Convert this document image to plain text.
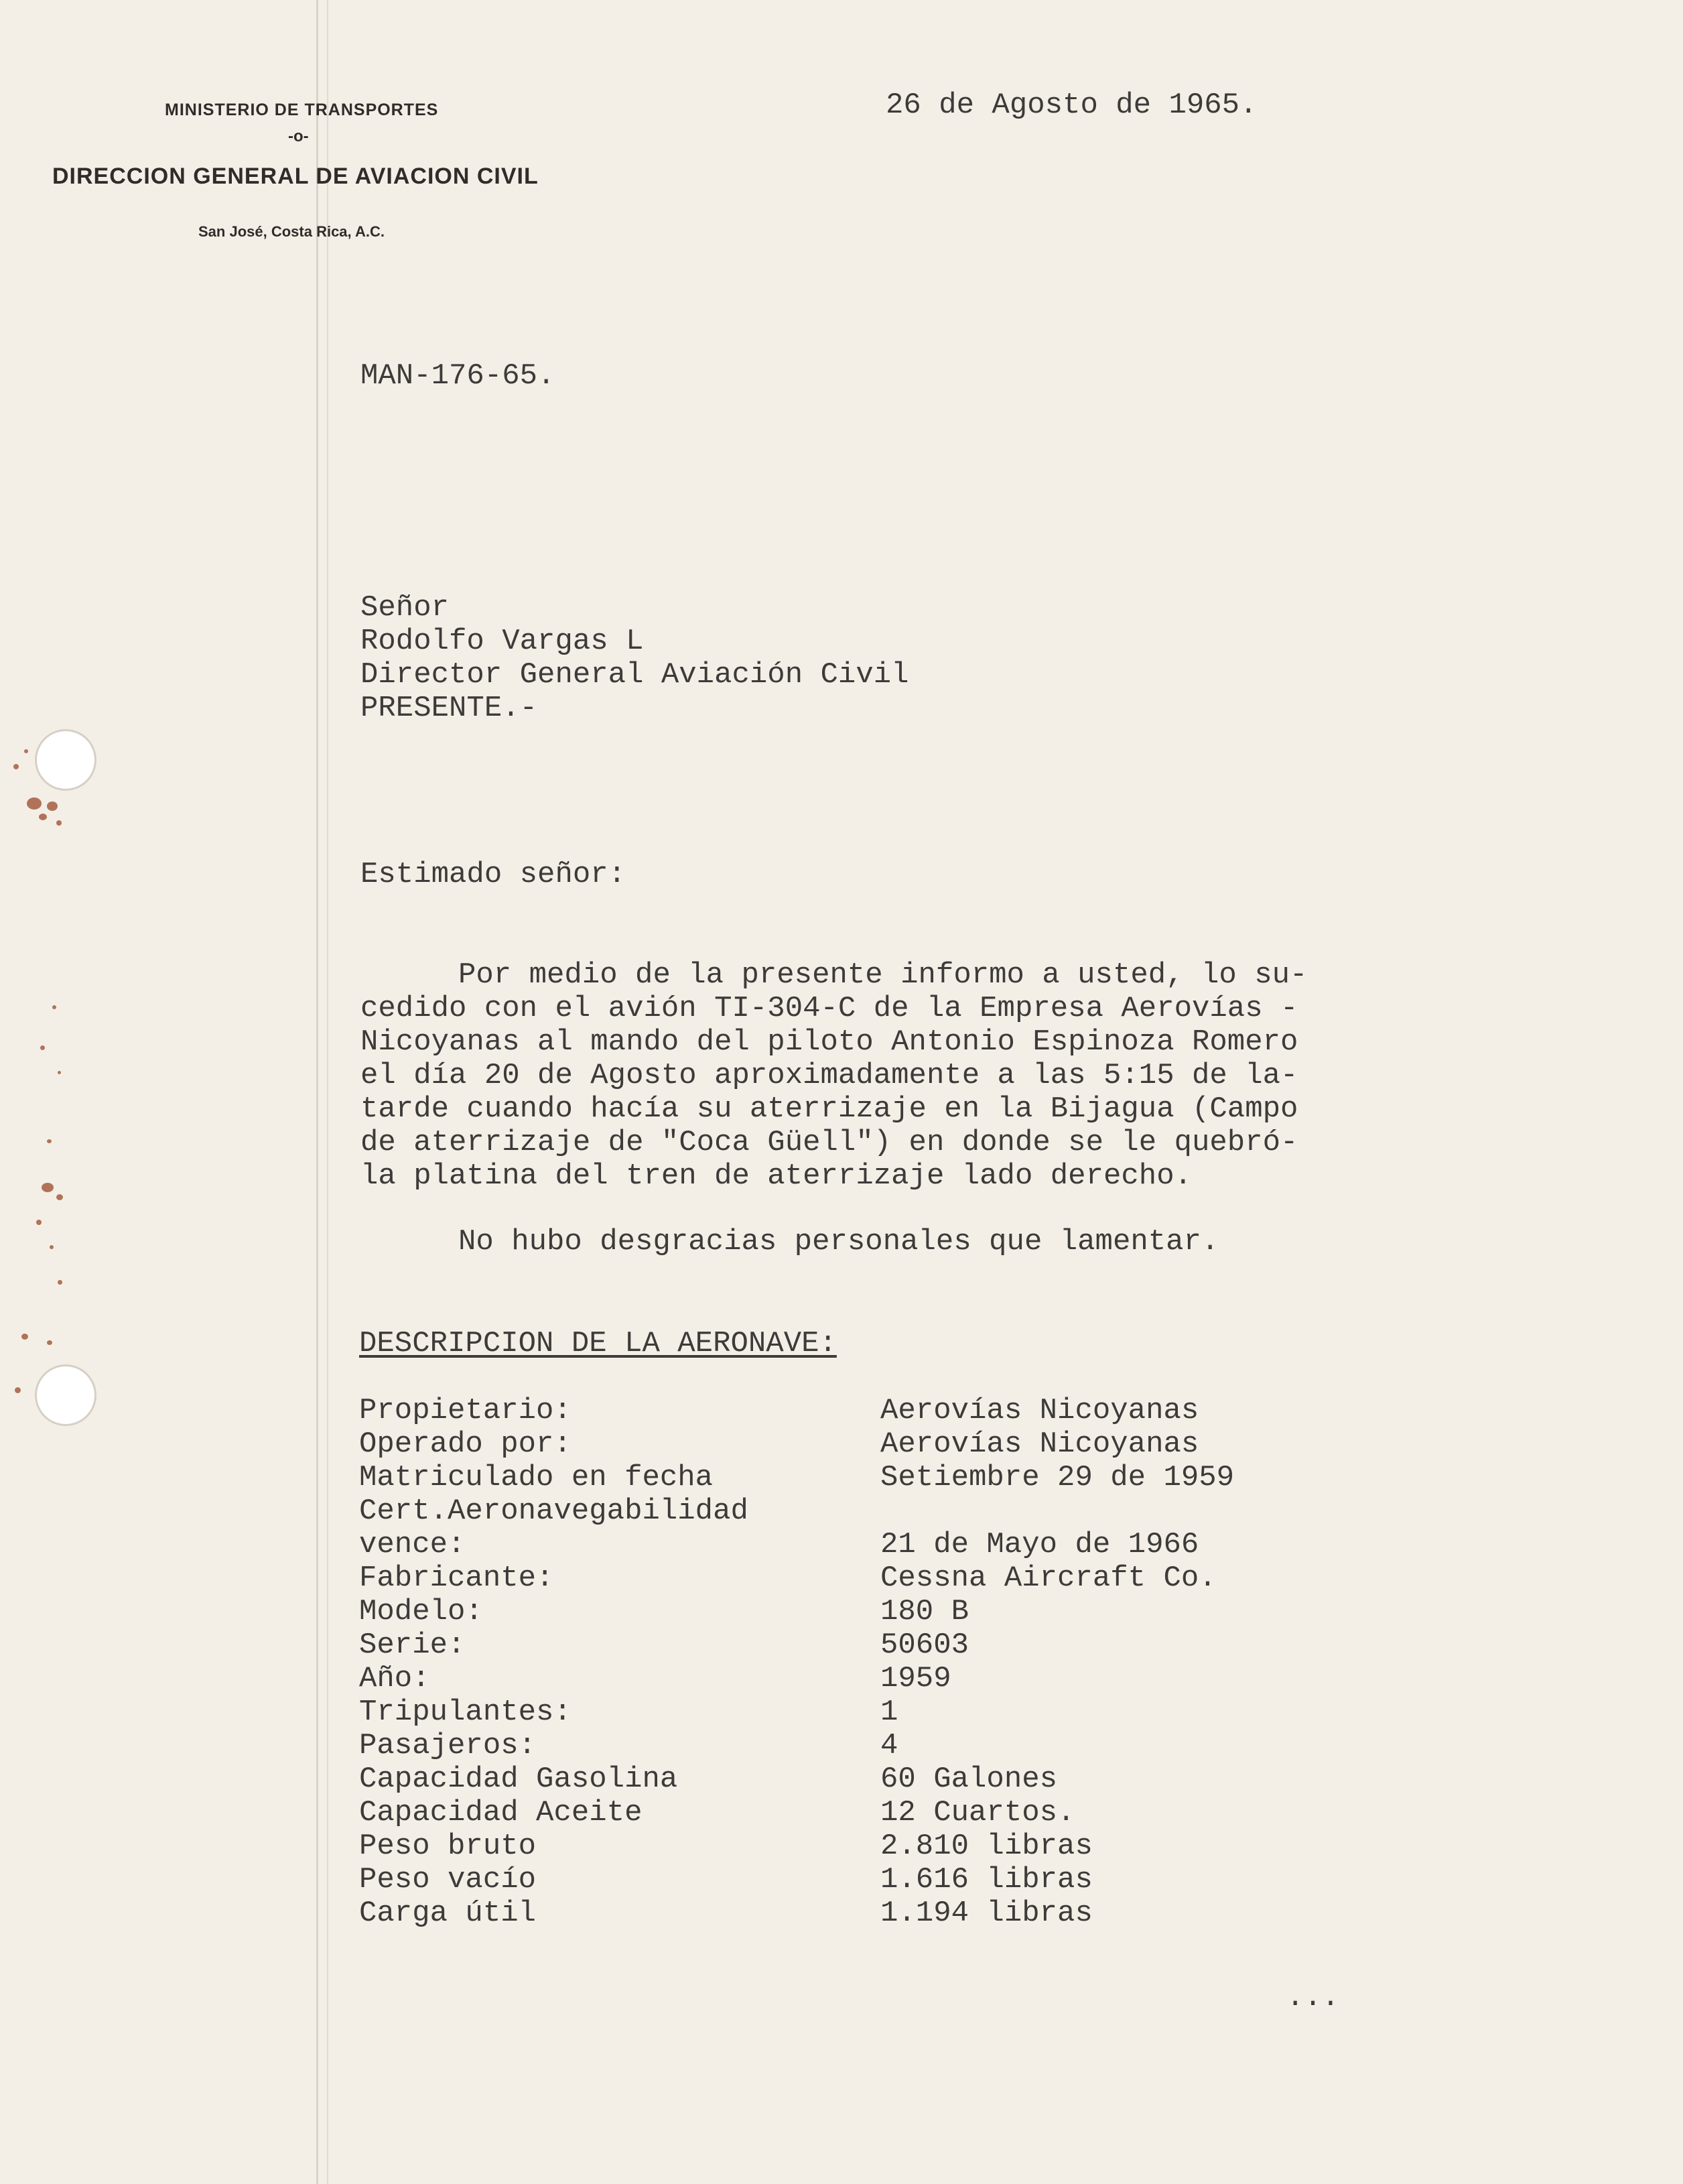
MINISTERIO DE TRANSPORTES
-o-
DIRECCION GENERAL DE AVIACION CIVIL
San José, Costa Rica, A.C.
26 de Agosto de 1965.
MAN-176-65.
Señor
Rodolfo Vargas L
Director General Aviación Civil
PRESENTE.-
Estimado señor:
Por medio de la presente informo a usted, lo su-
cedido con el avión TI-304-C de la Empresa Aerovías -
Nicoyanas al mando del piloto Antonio Espinoza Romero
el día 20 de Agosto aproximadamente a las 5:15 de la-
tarde cuando hacía su aterrizaje en la Bijagua (Campo
de aterrizaje de "Coca Güell") en donde se le quebró-
la platina del tren de aterrizaje lado derecho.
No hubo desgracias personales que lamentar.
DESCRIPCION DE LA AERONAVE:
Propietario:	Aerovías Nicoyanas
Operado por:	Aerovías Nicoyanas
Matriculado en fecha	Setiembre 29 de 1959
Cert.Aeronavegabilidad
vence:	21 de Mayo de 1966
Fabricante:	Cessna Aircraft Co.
Modelo:	180 B
Serie:	50603
Año:	1959
Tripulantes:	1
Pasajeros:	4
Capacidad Gasolina	60 Galones
Capacidad Aceite	12 Cuartos.
Peso bruto	2.810 libras
Peso vacío	1.616 libras
Carga útil	1.194 libras
...
